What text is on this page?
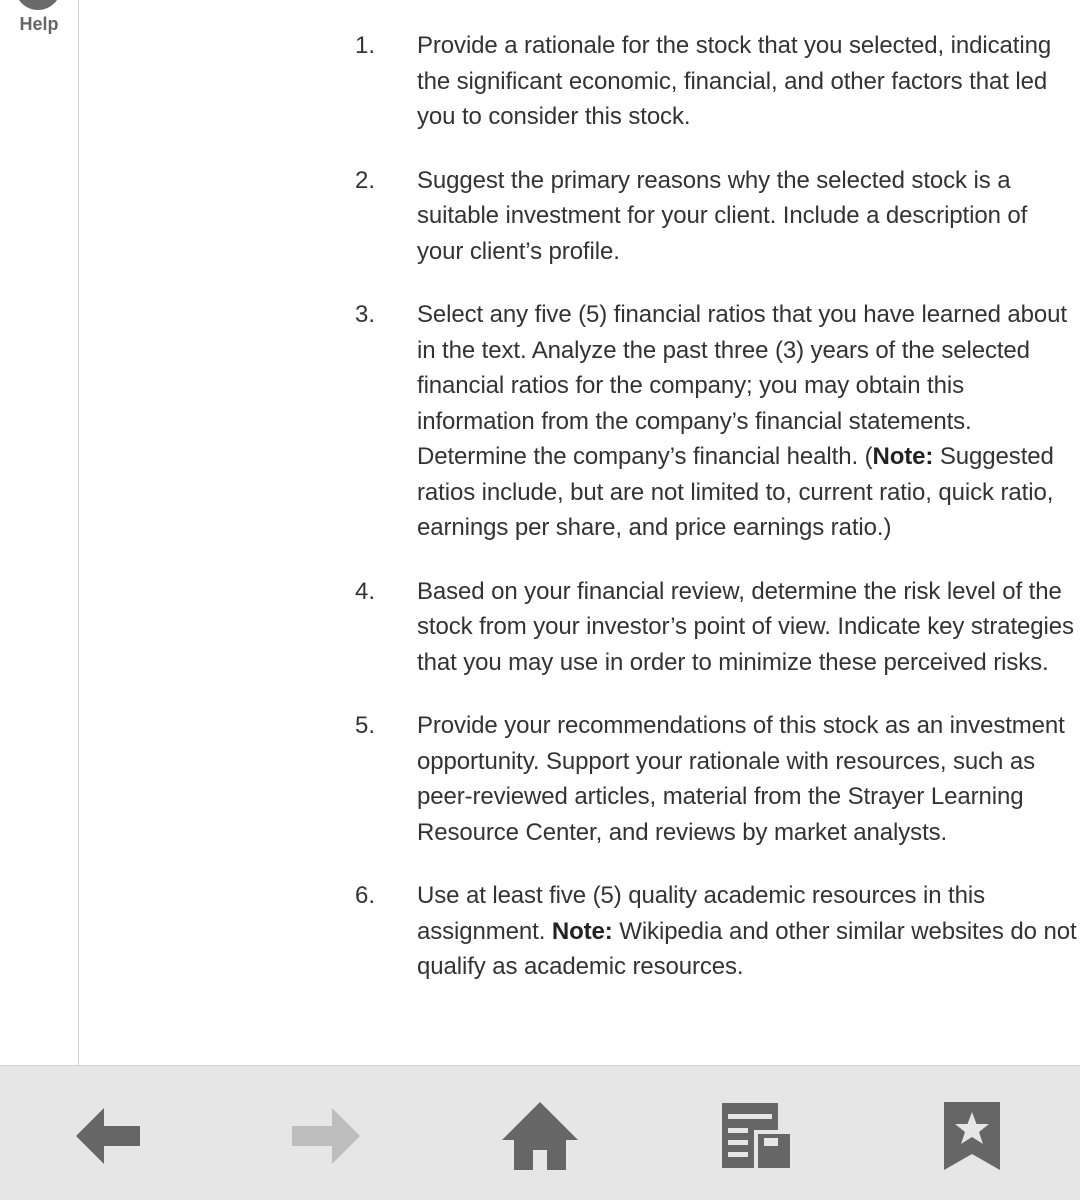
Help
1.	Provide a rationale for the stock that you selected, indicating the significant economic, financial, and other factors that led you to consider this stock.
2.	Suggest the primary reasons why the selected stock is a suitable investment for your client. Include a description of your client’s profile.
3.	Select any five (5) financial ratios that you have learned about in the text. Analyze the past three (3) years of the selected financial ratios for the company; you may obtain this information from the company’s financial statements. Determine the company’s financial health. (Note: Suggested ratios include, but are not limited to, current ratio, quick ratio, earnings per share, and price earnings ratio.)
4.	Based on your financial review, determine the risk level of the stock from your investor’s point of view. Indicate key strategies that you may use in order to minimize these perceived risks.
5.	Provide your recommendations of this stock as an investment opportunity. Support your rationale with resources, such as peer-reviewed articles, material from the Strayer Learning Resource Center, and reviews by market analysts.
6.	Use at least five (5) quality academic resources in this assignment. Note: Wikipedia and other similar websites do not qualify as academic resources.
